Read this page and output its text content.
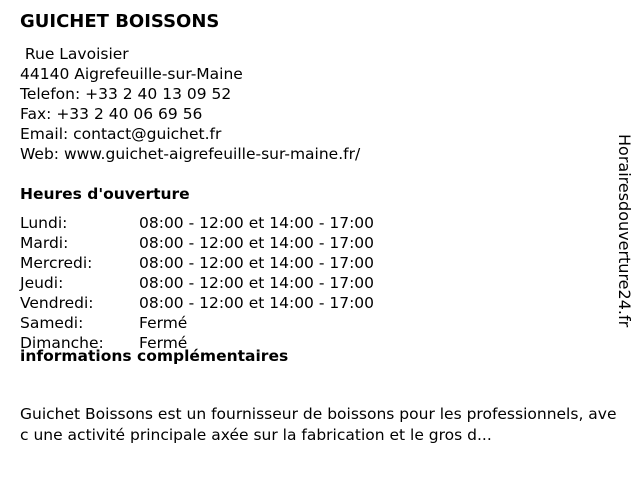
GUICHET BOISSONS
Rue Lavoisier
44140 Aigrefeuille-sur-Maine
Telefon: +33 2 40 13 09 52
Fax: +33 2 40 06 69 56
Email: contact@guichet.fr
Web: www.guichet-aigrefeuille-sur-maine.fr/
Heures d'ouverture
Lundi:	08:00 - 12:00 et 14:00 - 17:00
Mardi:	08:00 - 12:00 et 14:00 - 17:00
Mercredi:	08:00 - 12:00 et 14:00 - 17:00
Jeudi:	08:00 - 12:00 et 14:00 - 17:00
Vendredi:	08:00 - 12:00 et 14:00 - 17:00
Samedi:	Fermé
Dimanche: Fermé
informations complémentaires

Guichet Boissons est un fournisseur de boissons pour les professionnels, avec une activité principale axée sur la fabrication et le gros d...

Horairesdouverture24.fr
